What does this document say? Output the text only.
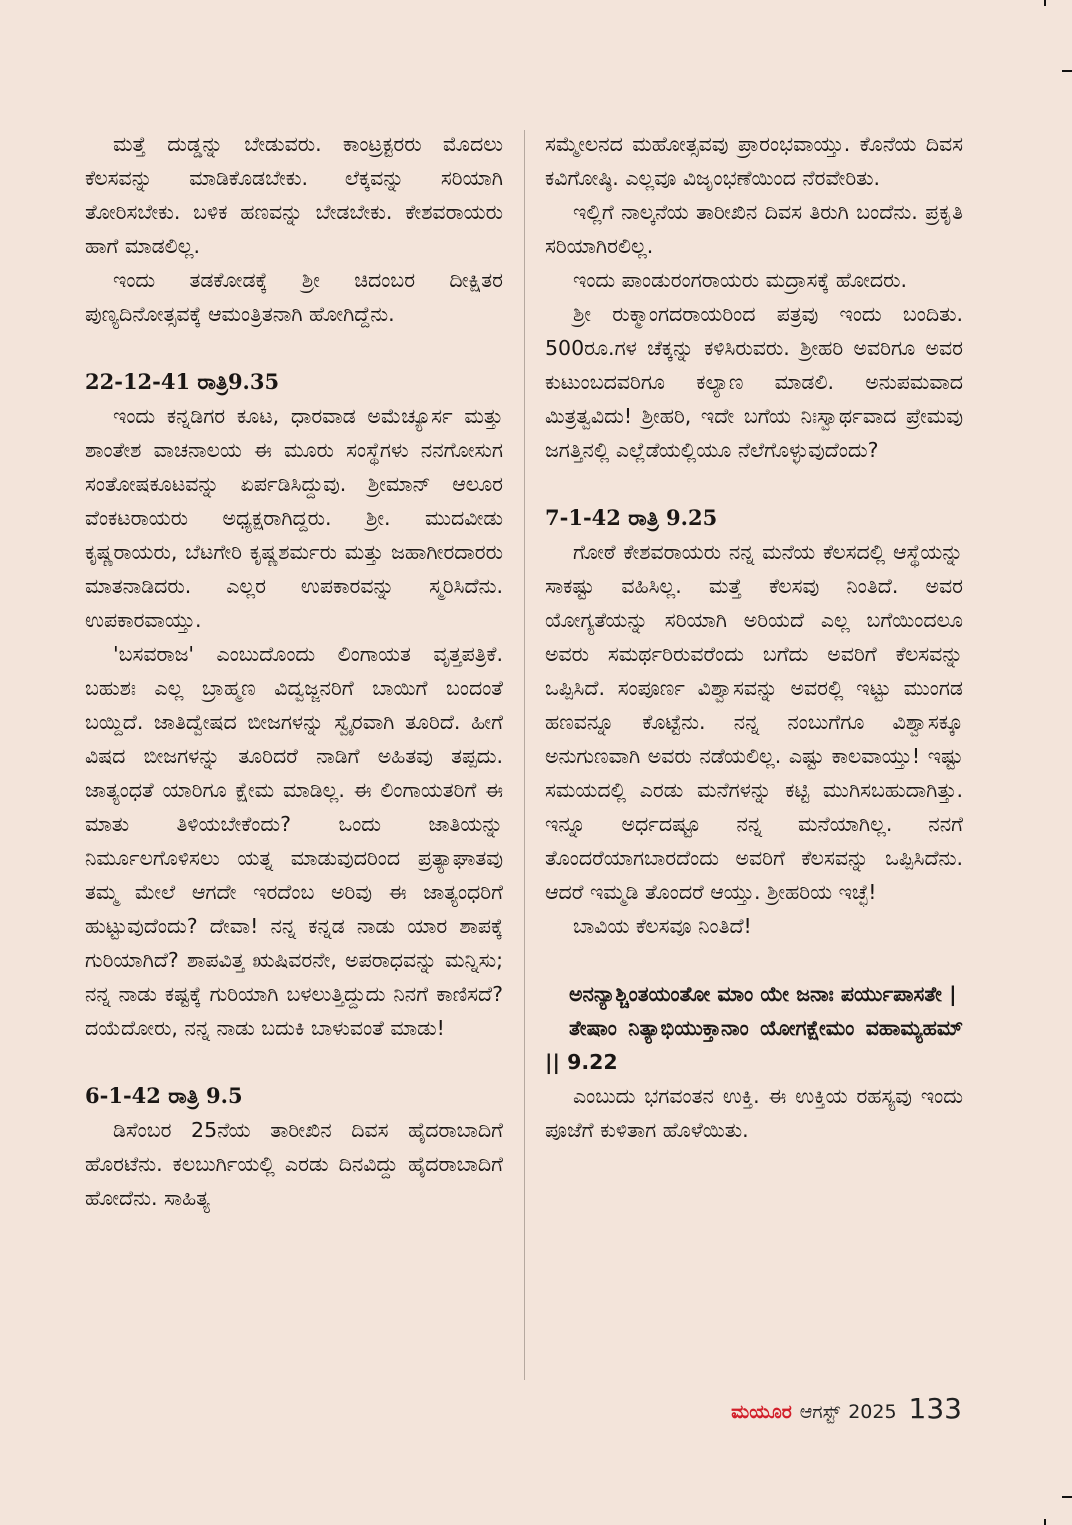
ಮತ್ತೆ ದುಡ್ಡನ್ನು ಬೇಡುವರು. ಕಾಂಟ್ರಕ್ಟರರು ಮೊದಲು ಕೆಲಸವನ್ನು ಮಾಡಿಕೊಡಬೇಕು. ಲೆಕ್ಕವನ್ನು ಸರಿಯಾಗಿ ತೋರಿಸಬೇಕು. ಬಳಿಕ ಹಣವನ್ನು ಬೇಡಬೇಕು. ಕೇಶವರಾಯರು ಹಾಗೆ ಮಾಡಲಿಲ್ಲ.

ಇಂದು ತಡಕೋಡಕ್ಕೆ ಶ್ರೀ ಚಿದಂಬರ ದೀಕ್ಷಿತರ ಪುಣ್ಯದಿನೋತ್ಸವಕ್ಕೆ ಆಮಂತ್ರಿತನಾಗಿ ಹೋಗಿದ್ದೆನು.

22-12-41 ರಾತ್ರಿ9.35

ಇಂದು ಕನ್ನಡಿಗರ ಕೂಟ, ಧಾರವಾಡ ಅಮೆಚ್ಯೂರ್ಸ ಮತ್ತು ಶಾಂತೇಶ ವಾಚನಾಲಯ ಈ ಮೂರು ಸಂಸ್ಥೆಗಳು ನನಗೋಸುಗ ಸಂತೋಷಕೂಟವನ್ನು ಏರ್ಪಡಿಸಿದ್ದುವು. ಶ್ರೀಮಾನ್ ಆಲೂರ ವೆಂಕಟರಾಯರು ಅಧ್ಯಕ್ಷರಾಗಿದ್ದರು. ಶ್ರೀ. ಮುದವೀಡು ಕೃಷ್ಣರಾಯರು, ಬೆಟಗೇರಿ ಕೃಷ್ಣಶರ್ಮರು ಮತ್ತು ಜಹಾಗೀರದಾರರು ಮಾತನಾಡಿದರು. ಎಲ್ಲರ ಉಪಕಾರವನ್ನು ಸ್ಮರಿಸಿದೆನು. ಉಪಕಾರವಾಯ್ತು.

'ಬಸವರಾಜ' ಎಂಬುದೊಂದು ಲಿಂಗಾಯತ ವೃತ್ತಪತ್ರಿಕೆ. ಬಹುಶಃ ಎಲ್ಲ ಬ್ರಾಹ್ಮಣ ವಿದ್ವಜ್ಜನರಿಗೆ ಬಾಯಿಗೆ ಬಂದಂತೆ ಬಯ್ದಿದೆ. ಜಾತಿದ್ವೇಷದ ಬೀಜಗಳನ್ನು ಸ್ವೈರವಾಗಿ ತೂರಿದೆ. ಹೀಗೆ ವಿಷದ ಬೀಜಗಳನ್ನು ತೂರಿದರೆ ನಾಡಿಗೆ ಅಹಿತವು ತಪ್ಪದು. ಜಾತ್ಯಂಧತೆ ಯಾರಿಗೂ ಕ್ಷೇಮ ಮಾಡಿಲ್ಲ. ಈ ಲಿಂಗಾಯತರಿಗೆ ಈ ಮಾತು ತಿಳಿಯಬೇಕೆಂದು? ಒಂದು ಜಾತಿಯನ್ನು ನಿರ್ಮೂಲಗೊಳಿಸಲು ಯತ್ನ ಮಾಡುವುದರಿಂದ ಪ್ರತ್ಯಾಘಾತವು ತಮ್ಮ ಮೇಲೆ ಆಗದೇ ಇರದೆಂಬ ಅರಿವು ಈ ಜಾತ್ಯಂಧರಿಗೆ ಹುಟ್ಟುವುದೆಂದು? ದೇವಾ! ನನ್ನ ಕನ್ನಡ ನಾಡು ಯಾರ ಶಾಪಕ್ಕೆ ಗುರಿಯಾಗಿದೆ? ಶಾಪವಿತ್ತ ಋಷಿವರನೇ, ಅಪರಾಧವನ್ನು ಮನ್ನಿಸು; ನನ್ನ ನಾಡು ಕಷ್ಟಕ್ಕೆ ಗುರಿಯಾಗಿ ಬಳಲುತ್ತಿದ್ದುದು ನಿನಗೆ ಕಾಣಿಸದೆ? ದಯೆದೋರು, ನನ್ನ ನಾಡು ಬದುಕಿ ಬಾಳುವಂತೆ ಮಾಡು!

6-1-42 ರಾತ್ರಿ 9.5

ಡಿಸೆಂಬರ 25ನೆಯ ತಾರೀಖಿನ ದಿವಸ ಹೈದರಾಬಾದಿಗೆ ಹೊರಟೆನು. ಕಲಬುರ್ಗಿಯಲ್ಲಿ ಎರಡು ದಿನವಿದ್ದು ಹೈದರಾಬಾದಿಗೆ ಹೋದೆನು. ಸಾಹಿತ್ಯ

ಸಮ್ಮೇಲನದ ಮಹೋತ್ಸವವು ಪ್ರಾರಂಭವಾಯ್ತು. ಕೊನೆಯ ದಿವಸ ಕವಿಗೋಷ್ಠಿ. ಎಲ್ಲವೂ ವಿಜೃಂಭಣೆಯಿಂದ ನೆರವೇರಿತು.

ಇಲ್ಲಿಗೆ ನಾಲ್ಕನೆಯ ತಾರೀಖಿನ ದಿವಸ ತಿರುಗಿ ಬಂದೆನು. ಪ್ರಕೃತಿ ಸರಿಯಾಗಿರಲಿಲ್ಲ.

ಇಂದು ಪಾಂಡುರಂಗರಾಯರು ಮದ್ರಾಸಕ್ಕೆ ಹೋದರು.

ಶ್ರೀ ರುಕ್ಮಾಂಗದರಾಯರಿಂದ ಪತ್ರವು ಇಂದು ಬಂದಿತು. 500ರೂ.ಗಳ ಚೆಕ್ಕನ್ನು ಕಳಿಸಿರುವರು. ಶ್ರೀಹರಿ ಅವರಿಗೂ ಅವರ ಕುಟುಂಬದವರಿಗೂ ಕಲ್ಯಾಣ ಮಾಡಲಿ. ಅನುಪಮವಾದ ಮಿತ್ರತ್ವವಿದು! ಶ್ರೀಹರಿ, ಇದೇ ಬಗೆಯ ನಿಃಸ್ವಾರ್ಥವಾದ ಪ್ರೇಮವು ಜಗತ್ತಿನಲ್ಲಿ ಎಲ್ಲೆಡೆಯಲ್ಲಿಯೂ ನೆಲೆಗೊಳ್ಳುವುದೆಂದು?

7-1-42 ರಾತ್ರಿ 9.25

ಗೋಠೆ ಕೇಶವರಾಯರು ನನ್ನ ಮನೆಯ ಕೆಲಸದಲ್ಲಿ ಆಸ್ಥೆಯನ್ನು ಸಾಕಷ್ಟು ವಹಿಸಿಲ್ಲ. ಮತ್ತೆ ಕೆಲಸವು ನಿಂತಿದೆ. ಅವರ ಯೋಗ್ಯತೆಯನ್ನು ಸರಿಯಾಗಿ ಅರಿಯದೆ ಎಲ್ಲ ಬಗೆಯಿಂದಲೂ ಅವರು ಸಮರ್ಥರಿರುವರೆಂದು ಬಗೆದು ಅವರಿಗೆ ಕೆಲಸವನ್ನು ಒಪ್ಪಿಸಿದೆ. ಸಂಪೂರ್ಣ ವಿಶ್ವಾಸವನ್ನು ಅವರಲ್ಲಿ ಇಟ್ಟು ಮುಂಗಡ ಹಣವನ್ನೂ ಕೊಟ್ಟೆನು. ನನ್ನ ನಂಬುಗೆಗೂ ವಿಶ್ವಾಸಕ್ಕೂ ಅನುಗುಣವಾಗಿ ಅವರು ನಡೆಯಲಿಲ್ಲ. ಎಷ್ಟು ಕಾಲವಾಯ್ತು! ಇಷ್ಟು ಸಮಯದಲ್ಲಿ ಎರಡು ಮನೆಗಳನ್ನು ಕಟ್ಟಿ ಮುಗಿಸಬಹುದಾಗಿತ್ತು. ಇನ್ನೂ ಅರ್ಧದಷ್ಟೂ ನನ್ನ ಮನೆಯಾಗಿಲ್ಲ. ನನಗೆ ತೊಂದರೆಯಾಗಬಾರದೆಂದು ಅವರಿಗೆ ಕೆಲಸವನ್ನು ಒಪ್ಪಿಸಿದೆನು. ಆದರೆ ಇಮ್ಮಡಿ ತೊಂದರೆ ಆಯ್ತು. ಶ್ರೀಹರಿಯ ಇಚ್ಛೆ!

ಬಾವಿಯ ಕೆಲಸವೂ ನಿಂತಿದೆ!

ಅನನ್ಯಾಶ್ಚಿಂತಯಂತೋ ಮಾಂ ಯೇ ಜನಾಃ ಪರ್ಯುಪಾಸತೇ |

ತೇಷಾಂ ನಿತ್ಯಾಭಿಯುಕ್ತಾನಾಂ ಯೋಗಕ್ಷೇಮಂ ವಹಾಮ್ಯಹಮ್ || 9.22

ಎಂಬುದು ಭಗವಂತನ ಉಕ್ತಿ. ಈ ಉಕ್ತಿಯ ರಹಸ್ಯವು ಇಂದು ಪೂಜೆಗೆ ಕುಳಿತಾಗ ಹೊಳೆಯಿತು.

ಮಯೂರ ಆಗಸ್ಟ್ 2025 133
